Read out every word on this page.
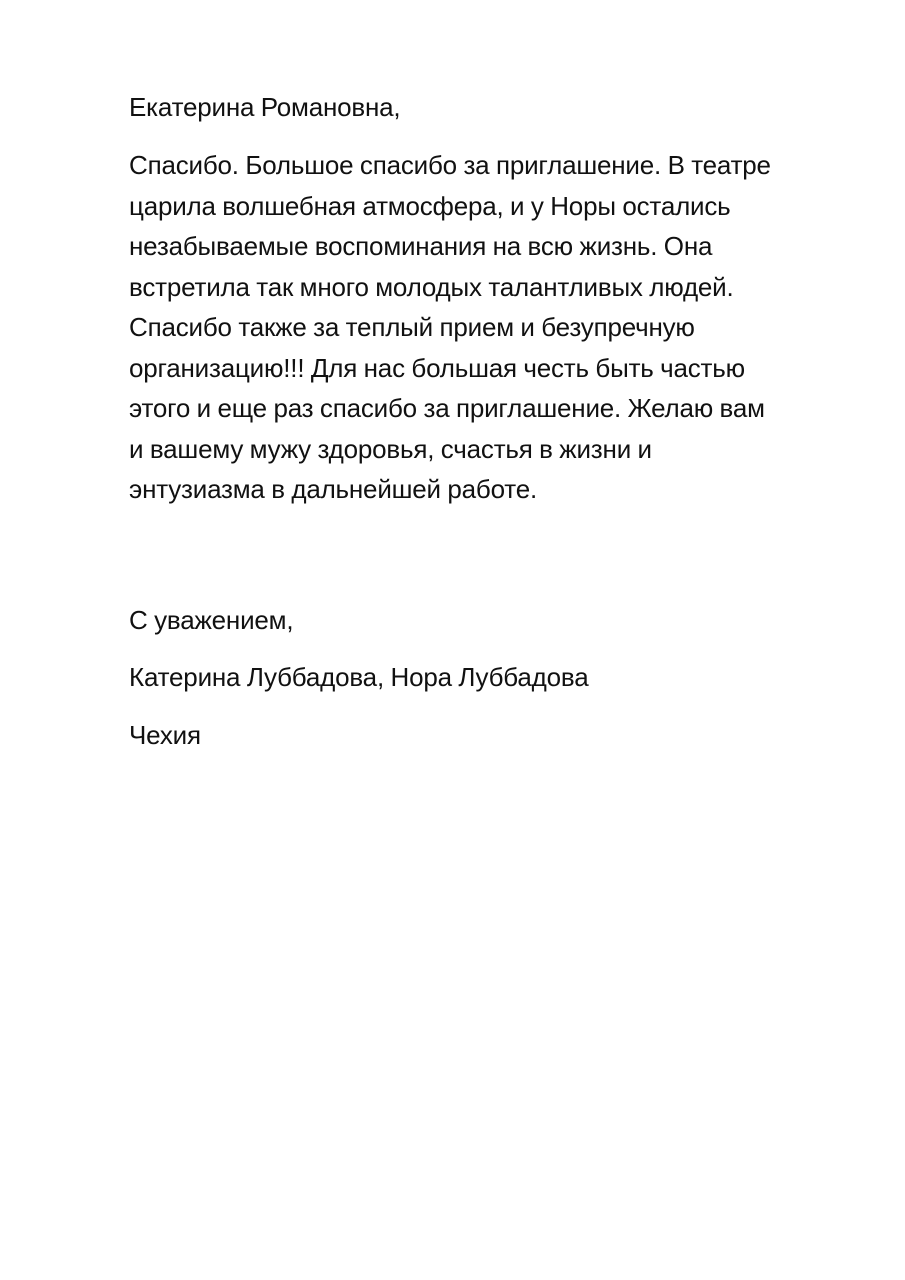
Екатерина Романовна,

Спасибо. Большое спасибо за приглашение. В театре
царила волшебная атмосфера, и у Норы остались
незабываемые воспоминания на всю жизнь. Она
встретила так много молодых талантливых людей.
Спасибо также за теплый прием и безупречную
организацию!!! Для нас большая честь быть частью
этого и еще раз спасибо за приглашение. Желаю вам
и вашему мужу здоровья, счастья в жизни и
энтузиазма в дальнейшей работе.

С уважением,

Катерина Луббадова, Нора Луббадова

Чехия
